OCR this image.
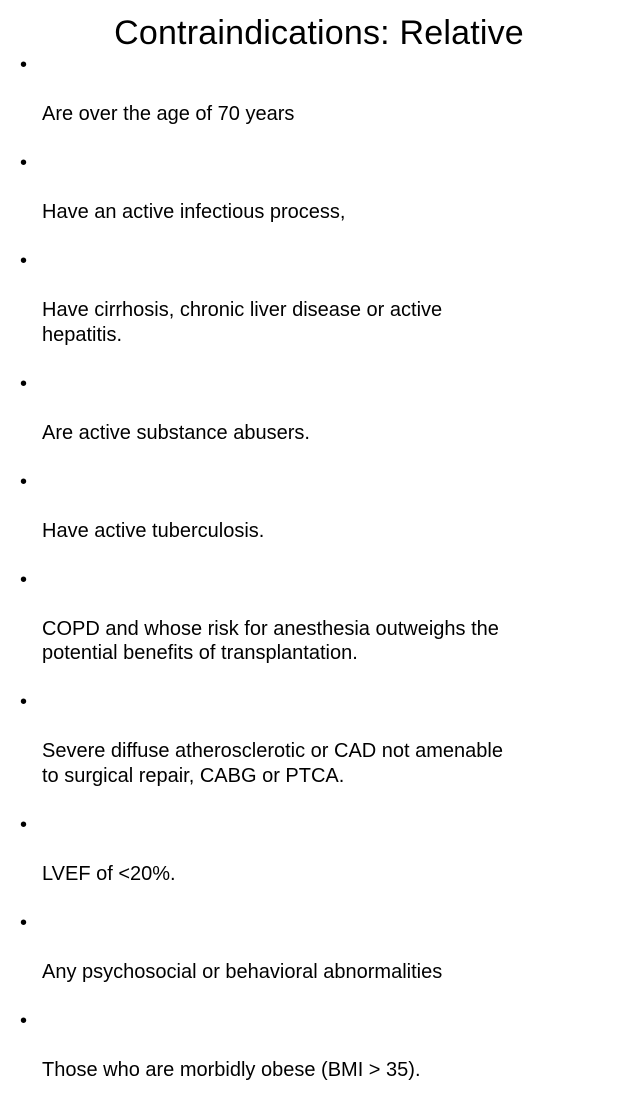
Contraindications: Relative

•

Are over the age of 70 years

•

Have an active infectious process,

•

Have cirrhosis, chronic liver disease or active
hepatitis.

•

Are active substance abusers.

•

Have active tuberculosis.

•

COPD and whose risk for anesthesia outweighs the
potential benefits of transplantation.

•

Severe diffuse atherosclerotic or CAD not amenable
to surgical repair, CABG or PTCA.

•

LVEF of <20%.

•

Any psychosocial or behavioral abnormalities

•

Those who are morbidly obese (BMI > 35).
